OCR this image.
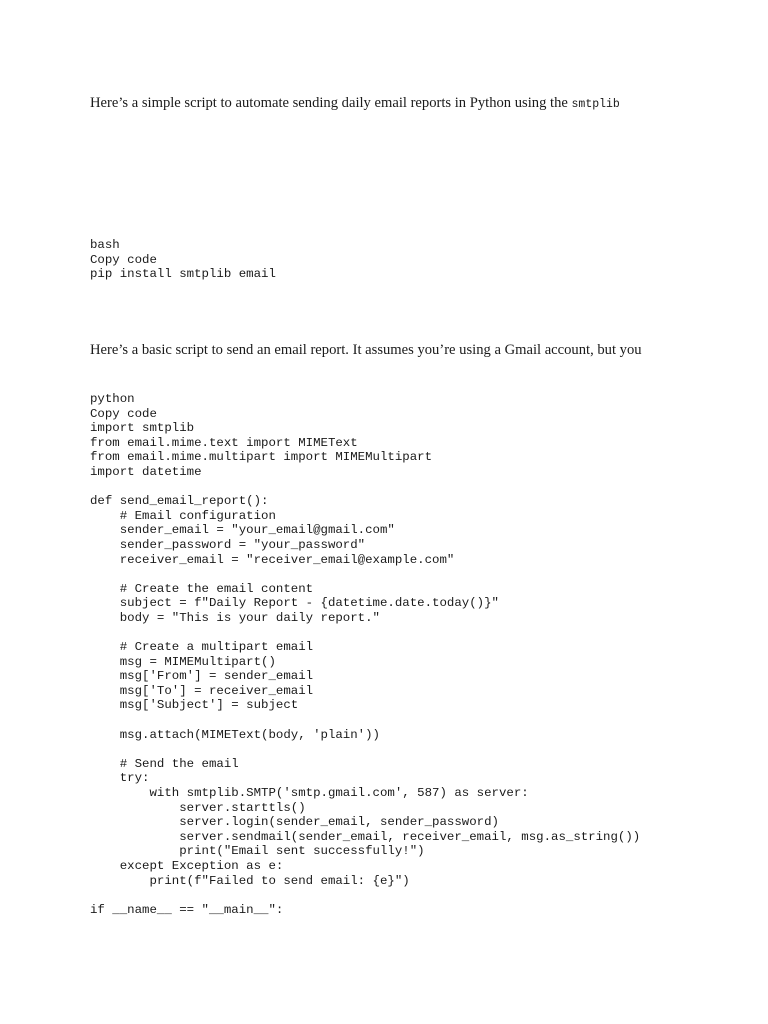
Here’s a simple script to automate sending daily email reports in Python using the smtplib

bash
Copy code
pip install smtplib email

Here’s a basic script to send an email report. It assumes you’re using a Gmail account, but you

python
Copy code
import smtplib
from email.mime.text import MIMEText
from email.mime.multipart import MIMEMultipart
import datetime
def send_email_report():
# Email configuration
sender_email = "your_email@gmail.com"
sender_password = "your_password"
receiver_email = "receiver_email@example.com"
# Create the email content
subject = f"Daily Report - {datetime.date.today()}"
body = "This is your daily report."
# Create a multipart email
msg = MIMEMultipart()
msg['From'] = sender_email
msg['To'] = receiver_email
msg['Subject'] = subject
msg.attach(MIMEText(body, 'plain'))
# Send the email
try:
with smtplib.SMTP('smtp.gmail.com', 587) as server:
server.starttls()
server.login(sender_email, sender_password)
server.sendmail(sender_email, receiver_email, msg.as_string())
print("Email sent successfully!")
except Exception as e:
print(f"Failed to send email: {e}")
if __name__ == "__main__":
